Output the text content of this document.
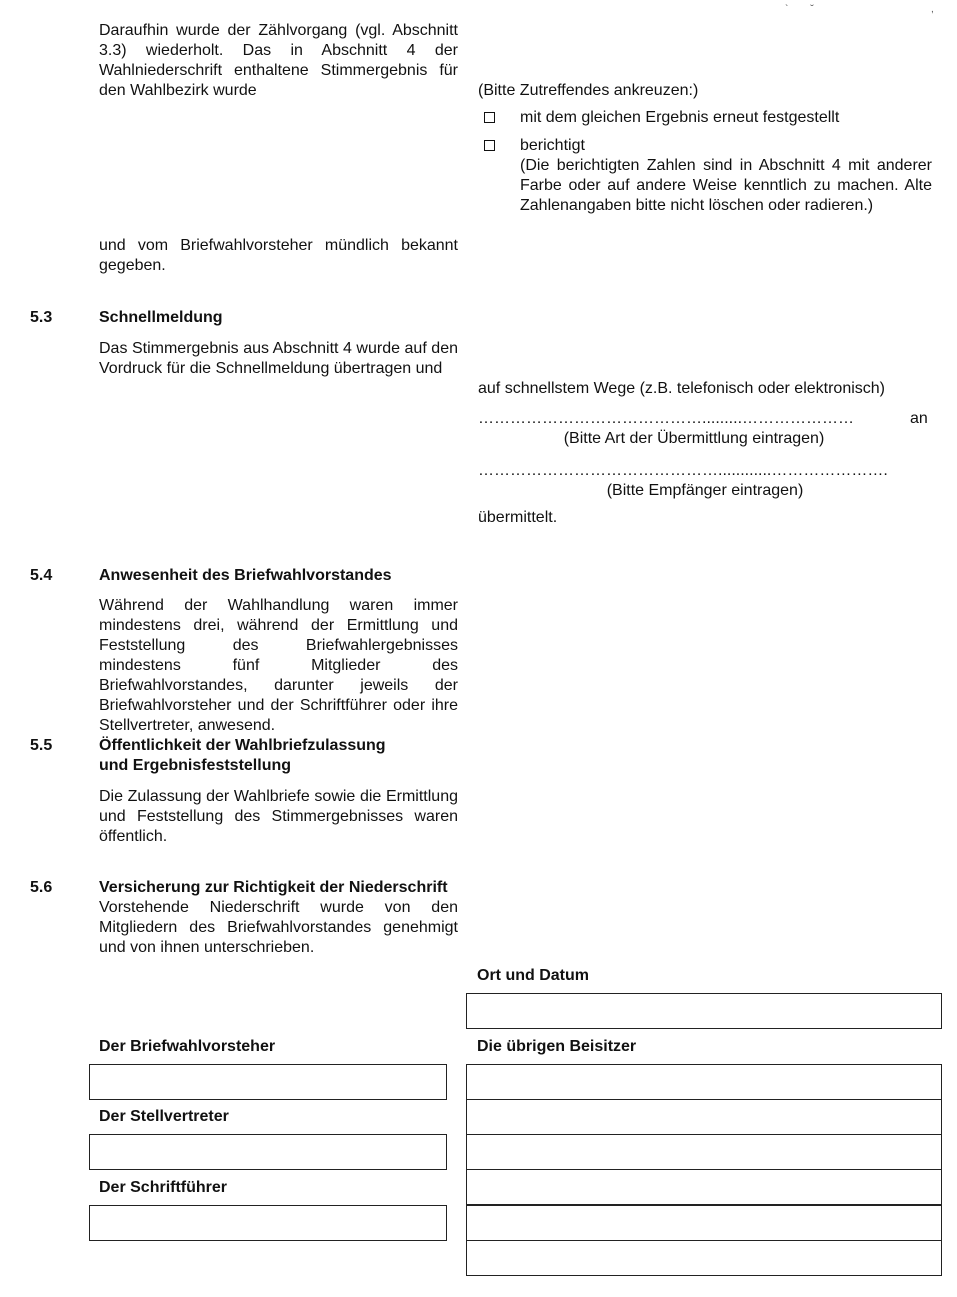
`        ˘	,
Daraufhin wurde der Zählvorgang (vgl. Abschnitt 3.3) wiederholt. Das in Abschnitt 4 der Wahlniederschrift enthaltene Stimmergebnis für den Wahlbezirk wurde	(Bitte Zutreffendes ankreuzen:)
mit dem gleichen Ergebnis erneut festgestellt
berichtigt
(Die berichtigten Zahlen sind in Abschnitt 4 mit anderer Farbe oder auf andere Weise kenntlich zu machen. Alte Zahlenangaben bitte nicht löschen oder radieren.)
und vom Briefwahlvorsteher mündlich bekannt gegeben.
5.3	Schnellmeldung
Das Stimmergebnis aus Abschnitt 4 wurde auf den Vordruck für die Schnellmeldung übertragen und
auf schnellstem Wege (z.B. telefonisch oder elektronisch)
…………………………………….........…………………	an
(Bitte Art der Übermittlung eintragen)
………………………………………............………………….
(Bitte Empfänger eintragen)
übermittelt.
5.4	Anwesenheit des Briefwahlvorstandes
Während der Wahlhandlung waren immer mindestens drei, während der Ermittlung und Feststellung des Briefwahlergebnisses mindestens fünf Mitglieder des Briefwahlvorstandes, darunter jeweils der Briefwahlvorsteher und der Schriftführer oder ihre Stellvertreter, anwesend.
5.5	Öffentlichkeit der Wahlbriefzulassung
und Ergebnisfeststellung
Die Zulassung der Wahlbriefe sowie die Ermittlung und Feststellung des Stimmergebnisses waren öffentlich.
5.6	Versicherung zur Richtigkeit der Niederschrift
Vorstehende Niederschrift wurde von den Mitgliedern des Briefwahlvorstandes genehmigt und von ihnen unterschrieben.
Ort und Datum
Der Briefwahlvorsteher	Die übrigen Beisitzer
Der Stellvertreter
Der Schriftführer
